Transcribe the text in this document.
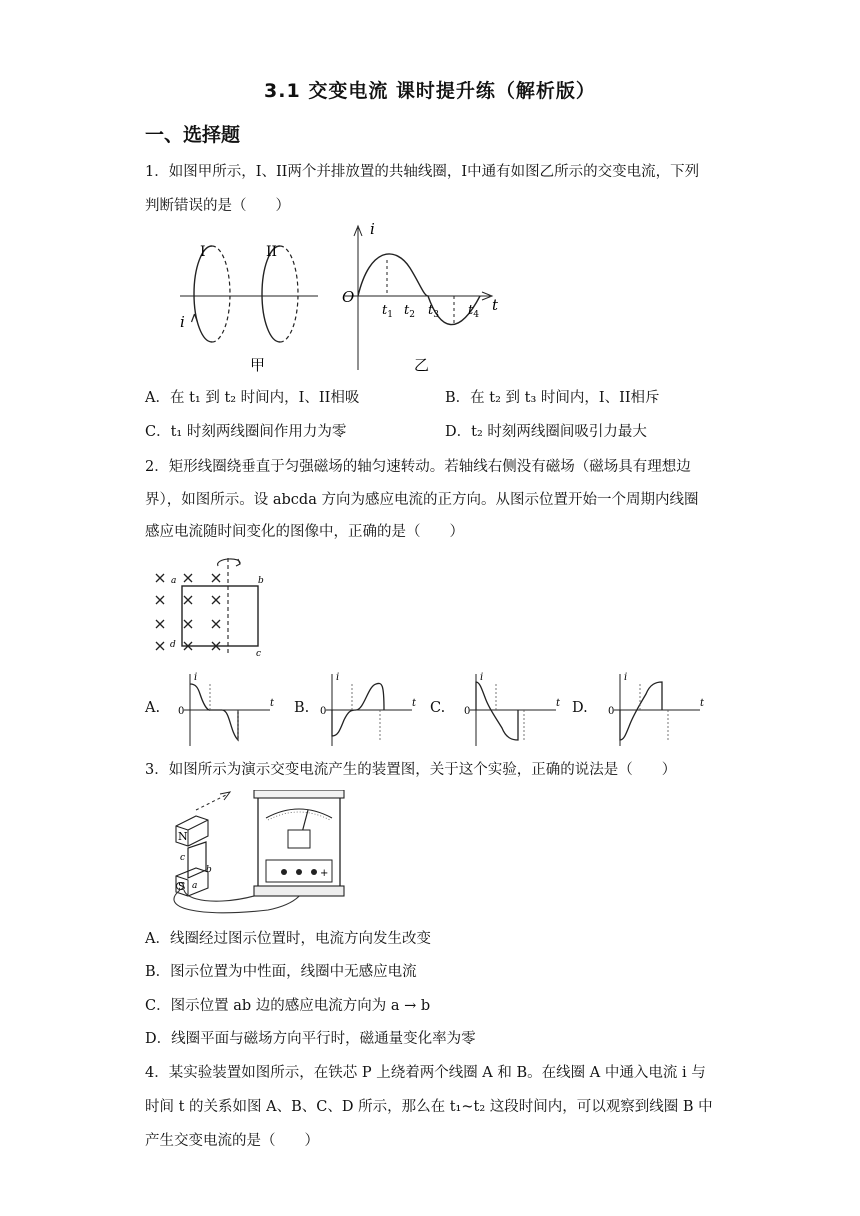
3.1 交变电流 课时提升练（解析版）
一、选择题
1．如图甲所示，I、II两个并排放置的共轴线圈，I中通有如图乙所示的交变电流，下列
判断错误的是（　　）
I	II
i
甲
i
O	t
$t_1$ $t_2$ $t_3$ $t_4$
乙
A．在 t₁ 到 t₂ 时间内，I、II相吸	B．在 t₂ 到 t₃ 时间内，I、II相斥
C．t₁ 时刻两线圈间作用力为零	D．t₂ 时刻两线圈间吸引力最大
2．矩形线圈绕垂直于匀强磁场的轴匀速转动。若轴线右侧没有磁场（磁场具有理想边
界），如图所示。设 abcda 方向为感应电流的正方向。从图示位置开始一个周期内线圈
感应电流随时间变化的图像中，正确的是（　　）
a	b
c
d
A.	B.	C.	D.
i
0
t
i
0
t
i
0
t
i
0
t
3．如图所示为演示交变电流产生的装置图，关于这个实验，正确的说法是（　　）
N
S
c
b
a
+
A．线圈经过图示位置时，电流方向发生改变
B．图示位置为中性面，线圈中无感应电流
C．图示位置 ab 边的感应电流方向为 a → b
D．线圈平面与磁场方向平行时，磁通量变化率为零
4．某实验装置如图所示，在铁芯 P 上绕着两个线圈 A 和 B。在线圈 A 中通入电流 i 与
时间 t 的关系如图 A、B、C、D 所示，那么在 t₁~t₂ 这段时间内，可以观察到线圈 B 中
产生交变电流的是（　　）
